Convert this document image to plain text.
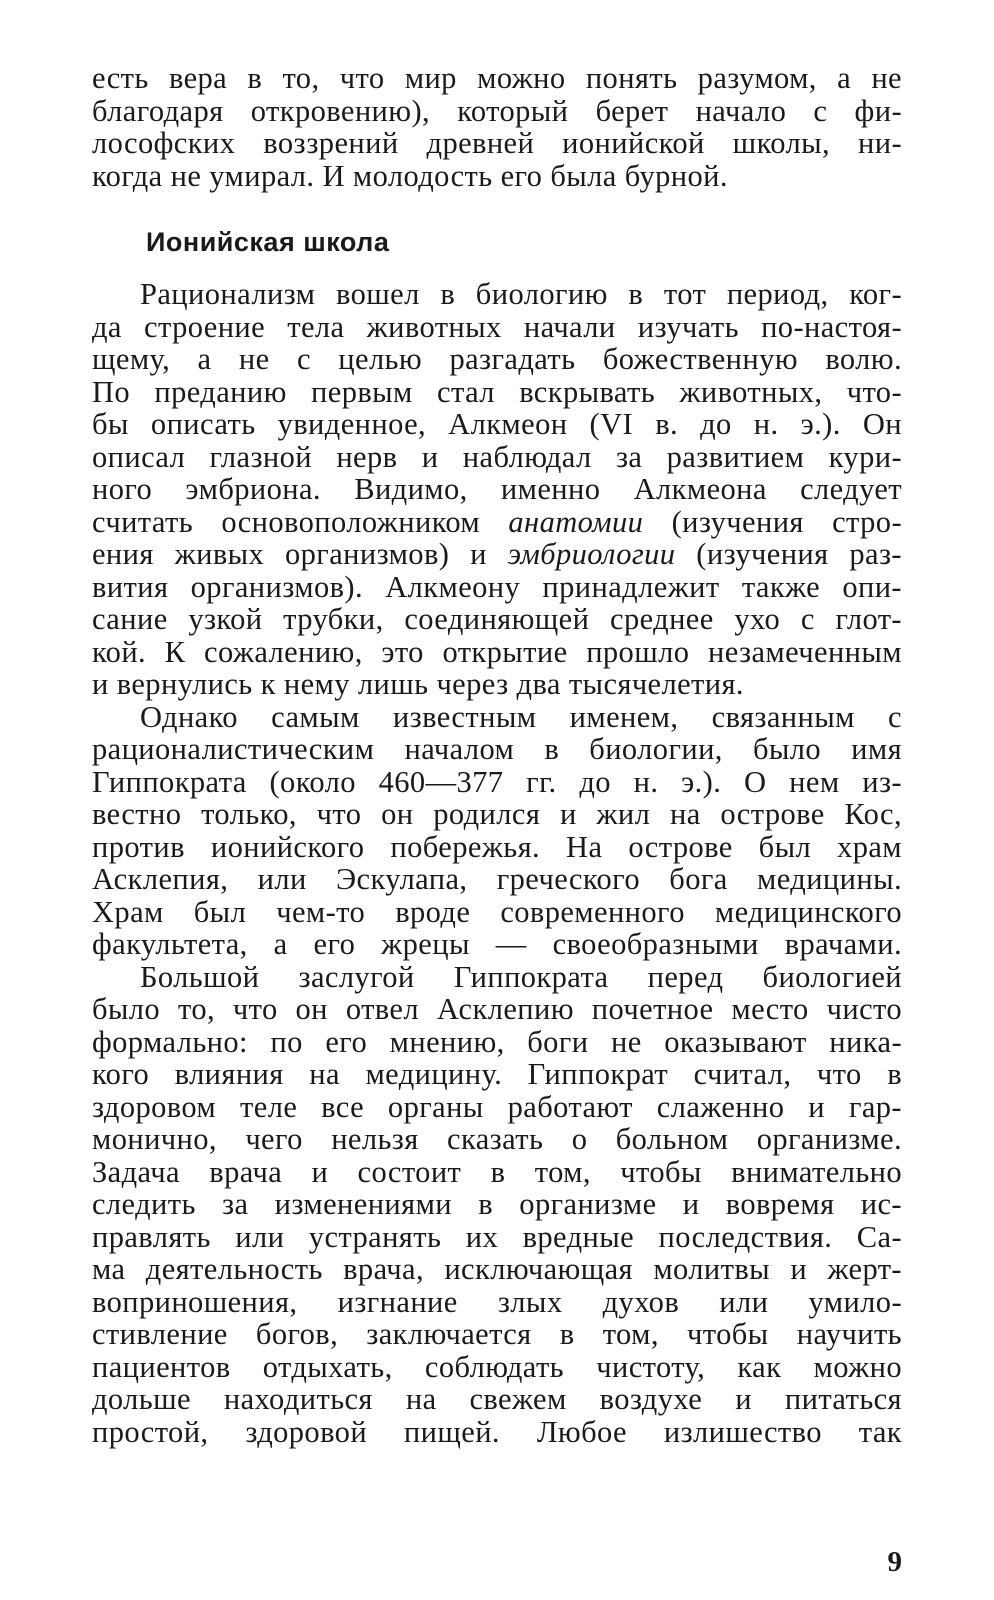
есть вера в то, что мир можно понять разумом, а не
благодаря откровению), который берет начало с фи-
лософских воззрений древней ионийской школы, ни-
когда не умирал. И молодость его была бурной.
Ионийская школа
Рационализм вошел в биологию в тот период, ког-
да строение тела животных начали изучать по-настоя-
щему, а не с целью разгадать божественную волю.
По преданию первым стал вскрывать животных, что-
бы описать увиденное, Алкмеон (VI в. до н. э.). Он
описал глазной нерв и наблюдал за развитием кури-
ного эмбриона. Видимо, именно Алкмеона следует
считать основоположником анатомии (изучения стро-
ения живых организмов) и эмбриологии (изучения раз-
вития организмов). Алкмеону принадлежит также опи-
сание узкой трубки, соединяющей среднее ухо с глот-
кой. К сожалению, это открытие прошло незамеченным
и вернулись к нему лишь через два тысячелетия.
Однако самым известным именем, связанным с
рационалистическим началом в биологии, было имя
Гиппократа (около 460—377 гг. до н. э.). О нем из-
вестно только, что он родился и жил на острове Кос,
против ионийского побережья. На острове был храм
Асклепия, или Эскулапа, греческого бога медицины.
Храм был чем-то вроде современного медицинского
факультета, а его жрецы — своеобразными врачами.
Большой заслугой Гиппократа перед биологией
было то, что он отвел Асклепию почетное место чисто
формально: по его мнению, боги не оказывают ника-
кого влияния на медицину. Гиппократ считал, что в
здоровом теле все органы работают слаженно и гар-
монично, чего нельзя сказать о больном организме.
Задача врача и состоит в том, чтобы внимательно
следить за изменениями в организме и вовремя ис-
правлять или устранять их вредные последствия. Са-
ма деятельность врача, исключающая молитвы и жерт-
воприношения, изгнание злых духов или умило-
стивление богов, заключается в том, чтобы научить
пациентов отдыхать, соблюдать чистоту, как можно
дольше находиться на свежем воздухе и питаться
простой, здоровой пищей. Любое излишество так
9
